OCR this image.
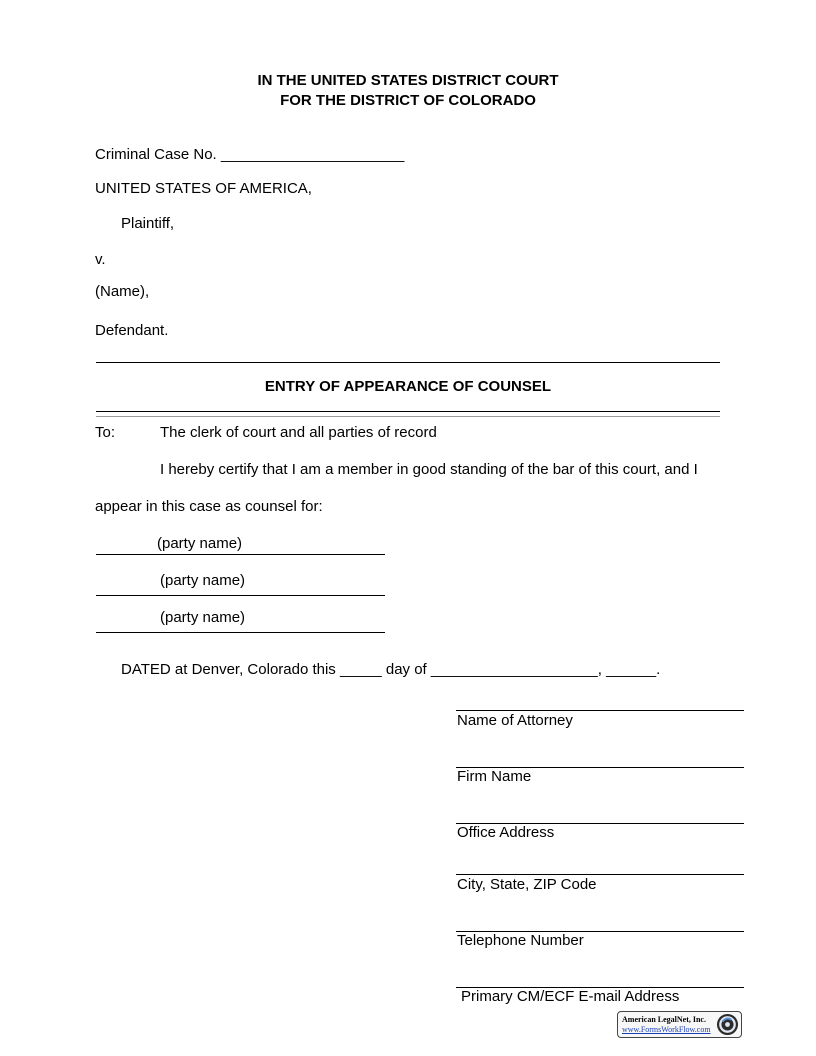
IN THE UNITED STATES DISTRICT COURT
FOR THE DISTRICT OF COLORADO
Criminal Case No. ______________________
UNITED STATES OF AMERICA,
Plaintiff,
v.
(Name),
Defendant.
ENTRY OF APPEARANCE OF COUNSEL
To:	The clerk of court and all parties of record
I hereby certify that I am a member in good standing of the bar of this court, and I
appear in this case as counsel for:
(party name)
(party name)
(party name)
DATED at Denver, Colorado this _____ day of ____________________, ______.
Name of Attorney
Firm Name
Office Address
City, State, ZIP Code
Telephone Number
Primary CM/ECF E-mail Address
American LegalNet, Inc.
www.FormsWorkFlow.com
